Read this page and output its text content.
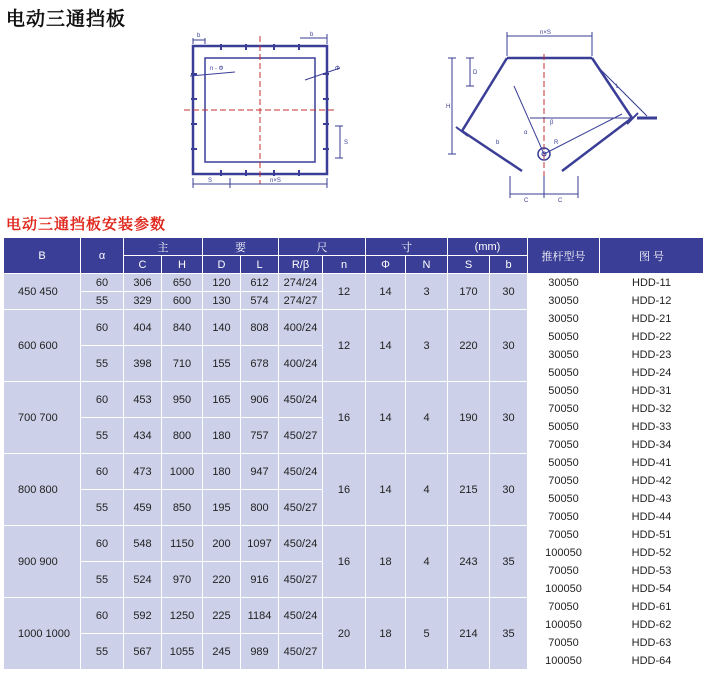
电动三通挡板
b	b
n - Φ	Φ
S
S	n×S
n×S
D
H
L
α
β
C	C
R
b
电动三通挡板安装参数
B	α	主		要		尺		寸		(mm)		推杆型号	图 号
		C	H	D	L	R/β	n	Φ	N	S	b		
450 450	60	306	650	120	612	274/24	12	14	3	170	30	30050	HDD-11
	55	329	600	130	574	274/27						30050	HDD-12
600 600	60	404	840	140	808	400/24	12	14	3	220	30	30050	HDD-21
												50050	HDD-22
	55	398	710	155	678	400/24						30050	HDD-23
												50050	HDD-24
700 700	60	453	950	165	906	450/24	16	14	4	190	30	50050	HDD-31
												70050	HDD-32
	55	434	800	180	757	450/27						50050	HDD-33
												70050	HDD-34
800 800	60	473	1000	180	947	450/24	16	14	4	215	30	50050	HDD-41
												70050	HDD-42
	55	459	850	195	800	450/27						50050	HDD-43
												70050	HDD-44
900 900	60	548	1150	200	1097	450/24	16	18	4	243	35	70050	HDD-51
												100050	HDD-52
	55	524	970	220	916	450/27						70050	HDD-53
												100050	HDD-54
1000 1000	60	592	1250	225	1184	450/24	20	18	5	214	35	70050	HDD-61
												100050	HDD-62
	55	567	1055	245	989	450/27						70050	HDD-63
												100050	HDD-64
